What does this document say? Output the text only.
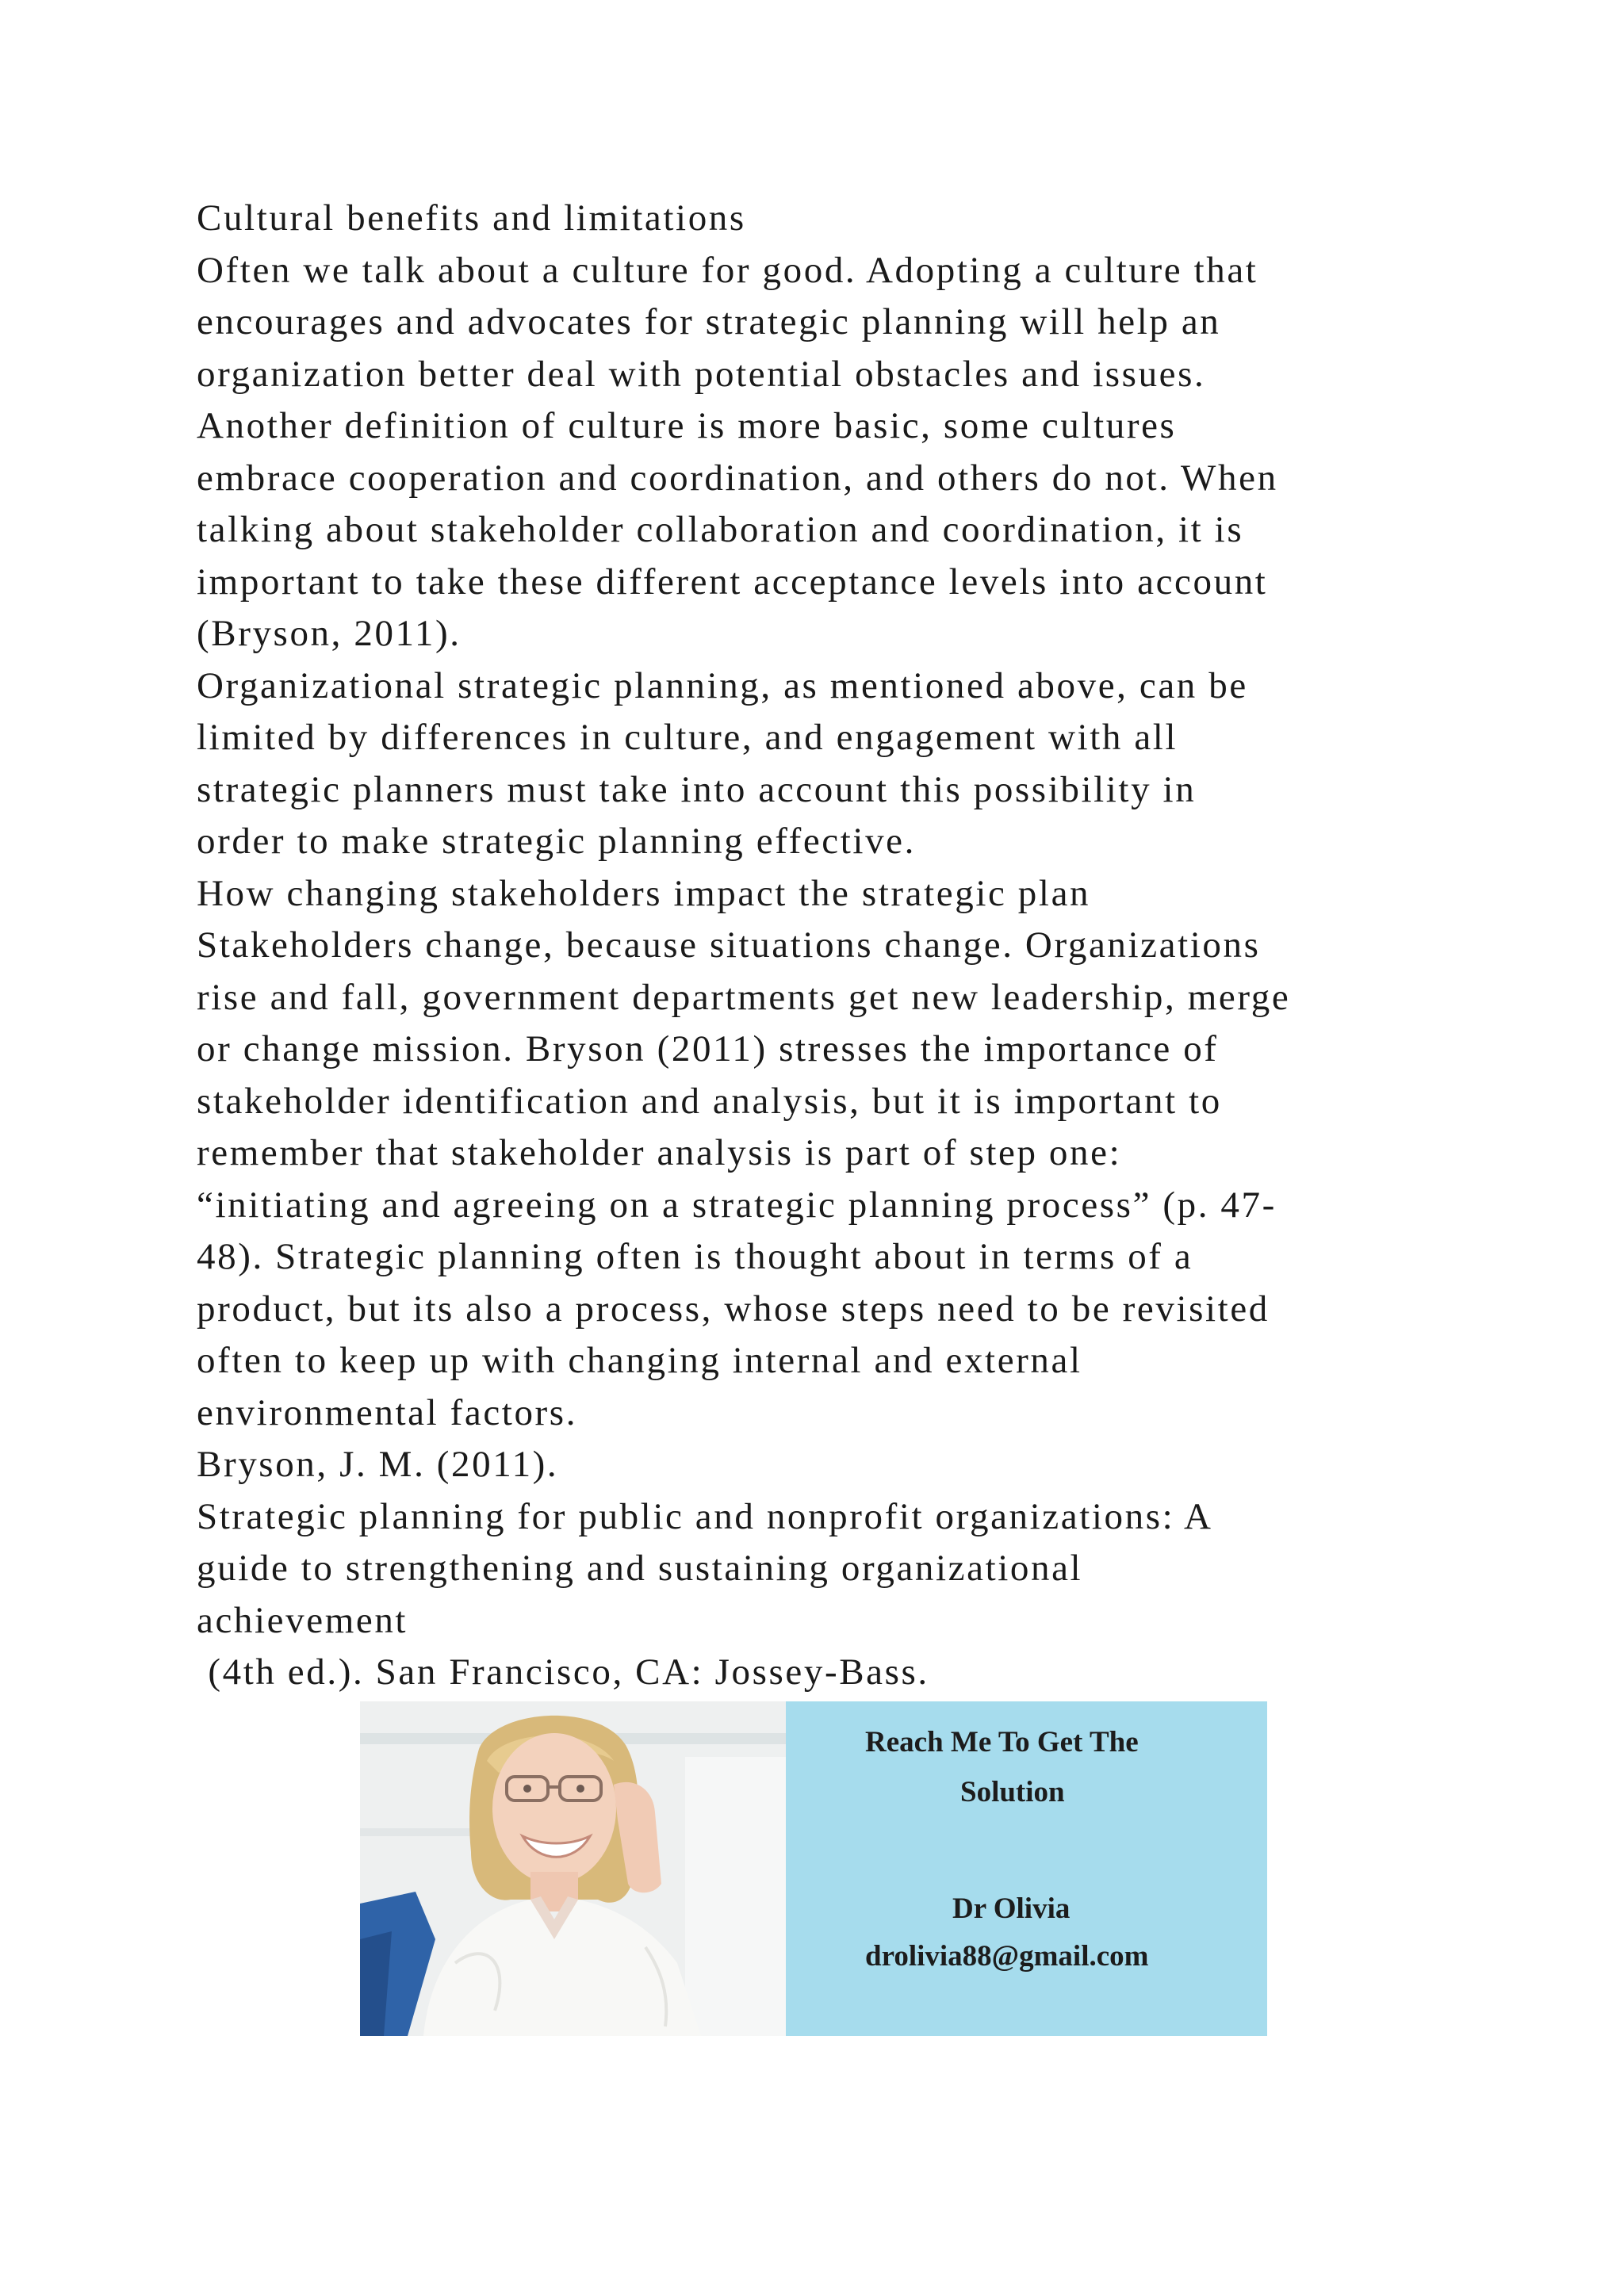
Cultural benefits and limitations
Often we talk about a culture for good. Adopting a culture that
encourages and advocates for strategic planning will help an
organization better deal with potential obstacles and issues.
Another definition of culture is more basic, some cultures
embrace cooperation and coordination, and others do not. When
talking about stakeholder collaboration and coordination, it is
important to take these different acceptance levels into account
(Bryson, 2011).
Organizational strategic planning, as mentioned above, can be
limited by differences in culture, and engagement with all
strategic planners must take into account this possibility in
order to make strategic planning effective.
How changing stakeholders impact the strategic plan
Stakeholders change, because situations change. Organizations
rise and fall, government departments get new leadership, merge
or change mission. Bryson (2011) stresses the importance of
stakeholder identification and analysis, but it is important to
remember that stakeholder analysis is part of step one:
“initiating and agreeing on a strategic planning process” (p. 47-
48). Strategic planning often is thought about in terms of a
product, but its also a process, whose steps need to be revisited
often to keep up with changing internal and external
environmental factors.
Bryson, J. M. (2011).
Strategic planning for public and nonprofit organizations: A
guide to strengthening and sustaining organizational
achievement
(4th ed.). San Francisco, CA: Jossey-Bass.
Reach Me To Get The
Solution
Dr Olivia
drolivia88@gmail.com
